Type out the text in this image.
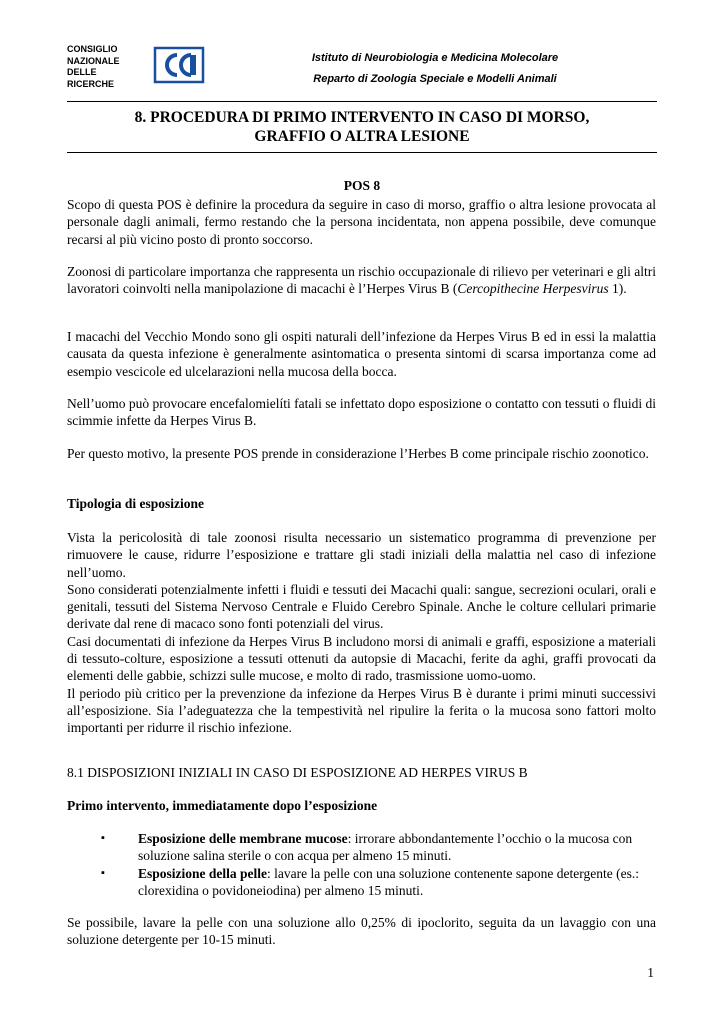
CONSIGLIO
NAZIONALE
DELLE
RICERCHE
Istituto di Neurobiologia e Medicina Molecolare
Reparto di Zoologia Speciale e Modelli Animali
8. PROCEDURA DI PRIMO INTERVENTO IN CASO DI MORSO,
GRAFFIO O ALTRA LESIONE
POS 8
Scopo di questa POS è definire la procedura da seguire in caso di morso, graffio o altra lesione provocata al personale dagli animali, fermo restando che la persona incidentata, non appena possibile, deve comunque recarsi al più vicino posto di pronto soccorso.
Zoonosi di particolare importanza che rappresenta un rischio occupazionale di rilievo per veterinari e gli altri lavoratori coinvolti nella manipolazione di macachi è l’Herpes Virus B (Cercopithecine Herpesvirus 1).
I macachi del Vecchio Mondo sono gli ospiti naturali dell’infezione da Herpes Virus B ed in essi la malattia causata da questa infezione è generalmente asintomatica o presenta sintomi di scarsa importanza come ad esempio vescicole ed ulcelarazioni nella mucosa della bocca.
Nell’uomo può provocare encefalomielíti fatali se infettato dopo esposizione o contatto con tessuti o fluidi di scimmie infette da Herpes Virus B.
Per questo motivo, la presente POS prende in considerazione l’Herbes B come principale rischio zoonotico.
Tipologia di esposizione
Vista la pericolosità di tale zoonosi risulta necessario un sistematico programma di prevenzione per rimuovere le cause, ridurre l’esposizione e trattare gli stadi iniziali della malattia nel caso di infezione nell’uomo.
Sono considerati potenzialmente infetti i fluidi e tessuti dei Macachi quali: sangue, secrezioni oculari, orali e genitali, tessuti del Sistema Nervoso Centrale e Fluido Cerebro Spinale. Anche le colture cellulari primarie derivate dal rene di macaco sono fonti potenziali del virus.
Casi documentati di infezione da Herpes Virus B includono morsi di animali e graffi, esposizione a materiali di tessuto-colture, esposizione a tessuti ottenuti da autopsie di Macachi, ferite da aghi, graffi provocati da elementi delle gabbie, schizzi sulle mucose, e molto di rado, trasmissione uomo-uomo.
Il periodo più critico per la prevenzione da infezione da Herpes Virus B è durante i primi minuti successivi all’esposizione. Sia l’adeguatezza che la tempestività nel ripulire la ferita o la mucosa sono fattori molto importanti per ridurre il rischio infezione.
8.1 DISPOSIZIONI INIZIALI IN CASO DI ESPOSIZIONE AD HERPES VIRUS B
Primo intervento, immediatamente dopo l’esposizione
▪ Esposizione delle membrane mucose: irrorare abbondantemente l’occhio o la mucosa con soluzione salina sterile o con acqua per almeno 15 minuti.
▪ Esposizione della pelle: lavare la pelle con una soluzione contenente sapone detergente (es.: clorexidina o povidoneiodina) per almeno 15 minuti.
Se possibile, lavare la pelle con una soluzione allo 0,25% di ipoclorito, seguita da un lavaggio con una soluzione detergente per 10-15 minuti.
1
